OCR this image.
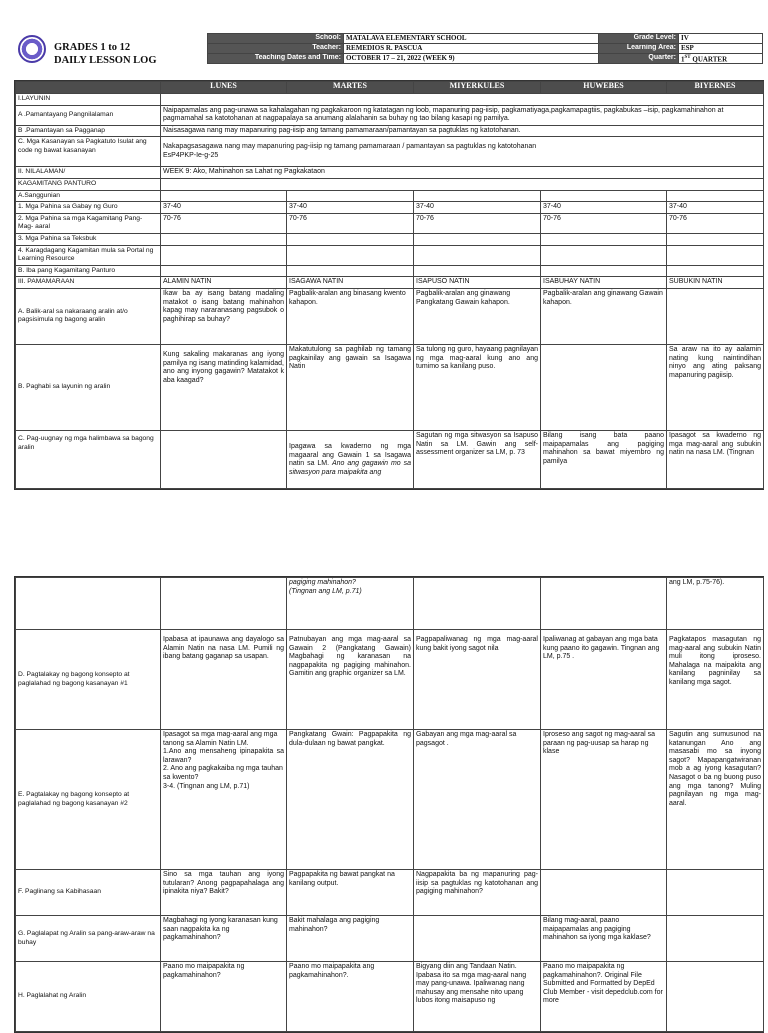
GRADES 1 to 12
DAILY LESSON LOG
School:	MATALAVA ELEMENTARY SCHOOL	Grade Level:	IV
Teacher:	REMEDIOS R. PASCUA	Learning Area:	ESP
Teaching Dates and Time:	OCTOBER 17 – 21, 2022 (WEEK 9)	Quarter:	1ST QUARTER
	LUNES	MARTES	MIYERKULES	HUWEBES	BIYERNES
I.LAYUNIN					
A .Pamantayang Pangnilalaman	Naipapamalas ang pag-unawa sa kahalagahan ng pagkakaroon ng katatagan ng loob, mapanuring pag-iisip, pagkamatiyaga,pagkamapagtiis, pagkabukas –isip, pagkamahinahon at pagmamahal sa katotohanan at nagpapalaya sa anumang alalahanin sa buhay ng tao bilang kasapi ng pamilya.				
B .Pamantayan sa Pagganap	Naisasagawa nang may mapanuring pag-iisip ang tamang pamamaraan/pamantayan sa pagtuklas ng katotohanan.				
C. Mga Kasanayan sa Pagkatuto Isulat ang code ng bawat kasanayan	Nakapagsasagawa nang may mapanuring pag-iisip ng tamang pamamaraan / pamantayan sa pagtuklas ng katotohanan
EsP4PKP-Ie-g-25				

II. NILALAMAN/	WEEK 9: Ako, Mahinahon sa Lahat ng Pagkakataon				
KAGAMITANG PANTURO					
A.Sanggunian					
1. Mga Pahina sa Gabay ng Guro	37-40	37-40	37-40	37-40	37-40
2. Mga Pahina sa mga Kagamitang Pang- Mag- aaral	70-76	70-76	70-76	70-76	70-76
3. Mga Pahina sa Teksbuk					
4. Karagdagang Kagamitan mula sa Portal ng Learning Resource					
B. Iba pang Kagamitang Panturo					
III. PAMAMARAAN	ALAMIN NATIN	ISAGAWA NATIN	ISAPUSO NATIN	ISABUHAY NATIN	SUBUKIN NATIN
A. Balik-aral sa nakaraang aralin at/o pagsisimula ng bagong aralin	Ikaw ba ay isang batang madaling matakot o isang batang mahinahon kapag may nararanasang pagsubok o paghihirap sa buhay?	Pagbalik-aralan ang binasang kwento kahapon.	Pagbalik-aralan ang ginawang Pangkatang Gawain kahapon.	Pagbalik-aralan ang ginawang Gawain kahapon.	
B. Paghabi sa layunin ng aralin	Kung sakaling makaranas ang iyong pamilya ng isang matinding kalamidad, ano ang inyong gagawin? Matatakot k aba kaagad?	Makatutulong sa paghilab ng tamang pagkainilay ang gawain sa Isagawa Natin	Sa tulong ng guro, hayaang pagnilayan ng mga mag-aaral kung ano ang tumimo sa kanilang puso.		Sa araw na ito ay aalamin nating kung naintindihan ninyo ang ating paksang mapanuring pagiisip.
C. Pag-uugnay ng mga halimbawa sa bagong aralin		Ipagawa sa kwaderno ng mga magaaral ang Gawain 1 sa Isagawa natin sa LM. Ano ang gagawin mo sa sitwasyon para maipakita ang	Sagutan ng mga sitwasyon sa Isapuso Natin sa LM. Gawin ang self-assessment organizer sa LM, p. 73	Bilang isang bata paano maipapamalas ang pagiging mahinahon sa bawat miyembro ng pamilya	Ipasagot sa kwaderno ng mga mag-aaral ang subukin natin na nasa LM. (Tingnan

		pagiging mahinahon?
(Tingnan ang LM, p.71)			ang LM, p.75-76).
D. Pagtalakay ng bagong konsepto at paglalahad ng bagong kasanayan #1	Ipabasa at ipaunawa ang dayalogo sa Alamin Natin na nasa LM. Pumili ng ibang batang gaganap sa usapan.	Patnubayan ang mga mag-aaral sa Gawain 2 (Pangkatang Gawain) Magbahagi ng karanasan na nagpapakita ng pagiging mahinahon. Gamitin ang graphic organizer sa LM.	Pagpapaliwanag ng mga mag-aaral kung bakit iyong sagot nila	Ipaliwanag at gabayan ang mga bata kung paano ito gagawin. Tingnan ang LM, p.75 .	Pagkatapos masagutan ng mag-aaral ang subukin Natin muli itong iproseso. Mahalaga na maipakita ang kanilang pagninilay sa kanilang mga sagot.
E. Pagtalakay ng bagong konsepto at paglalahad ng bagong kasanayan #2	Ipasagot sa mga mag-aaral ang mga tanong sa Alamin Natin LM.
1.Ano ang mensaheng ipinapakita sa larawan?
2. Ano ang pagkakaiba ng mga tauhan sa kwento?
3-4. (Tingnan ang LM, p.71)	Pangkatang Gwain: Pagpapakita ng dula-dulaan ng bawat pangkat.	Gabayan ang mga mag-aaral sa pagsagot .	Iproseso ang sagot ng mag-aaral sa paraan ng pag-uusap sa harap ng klase	Sagutin ang sumusunod na katanungan Ano ang masasabi mo sa inyong sagot? Mapapangatwiranan mob a ag iyong kasagutan? Nasagot o ba ng buong puso ang mga tanong? Muling pagnilayan ng mga mag-aaral.
F. Paglinang sa Kabihasaan	Sino sa mga tauhan ang iyong tutularan? Anong pagpapahalaga ang ipinakita niya? Bakit?	Pagpapakita ng bawat pangkat na kanilang output.	Nagpapakita ba ng mapanuring pag-iisip sa pagtuklas ng katotohanan ang pagiging mahinahon?		
G. Paglalapat ng Aralin sa pang-araw-araw na buhay	Magbahagi ng iyong karanasan kung saan nagpakita ka ng pagkamahinahon?	Bakit mahalaga ang pagiging mahinahon?		Bilang mag-aaral, paano maipapamalas ang pagiging mahinahon sa iyong mga kaklase?	
H. Paglalahat ng Aralin	Paano mo maipapakita ng pagkamahinahon?	Paano mo maipapakita ang pagkamahinahon?.	Bigyang diin ang Tandaan Natin. Ipabasa ito sa mga mag-aaral nang may pang-unawa. Ipaliwanag nang mahusay ang mensahe nito upang lubos itong maisapuso ng	Paano mo maipapakita ng pagkamahinahon?. Original File Submitted and Formatted by DepEd Club Member - visit depedclub.com for more	
